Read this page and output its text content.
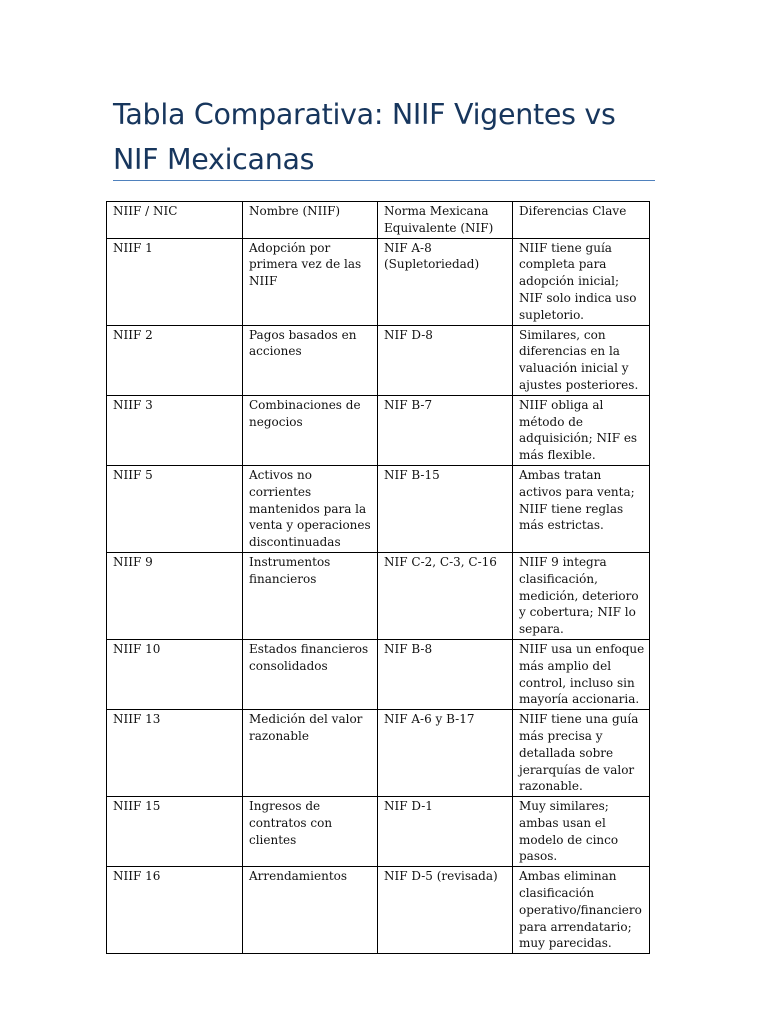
Tabla Comparativa: NIIF Vigentes vs NIF Mexicanas
NIIF / NIC	Nombre (NIIF)	Norma Mexicana Equivalente (NIF)	Diferencias Clave
NIIF 1	Adopción por primera vez de las NIIF	NIF A-8 (Supletoriedad)	NIIF tiene guía completa para adopción inicial; NIF solo indica uso supletorio.
NIIF 2	Pagos basados en acciones	NIF D-8	Similares, con diferencias en la valuación inicial y ajustes posteriores.
NIIF 3	Combinaciones de negocios	NIF B-7	NIIF obliga al método de adquisición; NIF es más flexible.
NIIF 5	Activos no corrientes mantenidos para la venta y operaciones discontinuadas	NIF B-15	Ambas tratan activos para venta; NIIF tiene reglas más estrictas.
NIIF 9	Instrumentos financieros	NIF C-2, C-3, C-16	NIIF 9 integra clasificación, medición, deterioro y cobertura; NIF lo separa.
NIIF 10	Estados financieros consolidados	NIF B-8	NIIF usa un enfoque más amplio del control, incluso sin mayoría accionaria.
NIIF 13	Medición del valor razonable	NIF A-6 y B-17	NIIF tiene una guía más precisa y detallada sobre jerarquías de valor razonable.
NIIF 15	Ingresos de contratos con clientes	NIF D-1	Muy similares; ambas usan el modelo de cinco pasos.
NIIF 16	Arrendamientos	NIF D-5 (revisada)	Ambas eliminan clasificación operativo/financiero para arrendatario; muy parecidas.
